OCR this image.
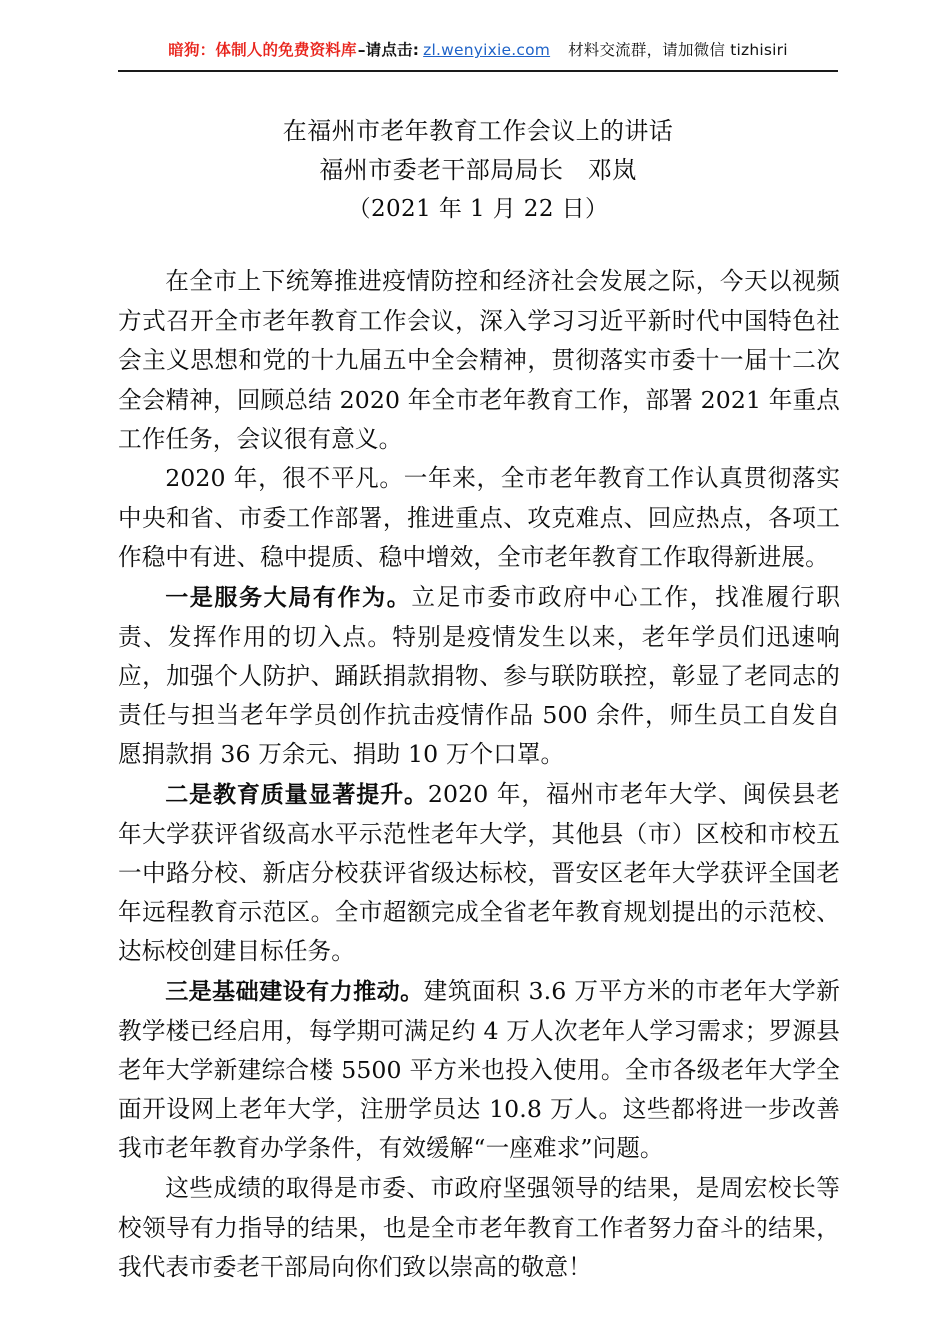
暗狗：体制人的免费资料库 –请点击: zl.wenyixie.com 材料交流群，请加微信 tizhisiri
在福州市老年教育工作会议上的讲话
福州市委老干部局局长　邓岚
（2021 年 1 月 22 日）

在全市上下统筹推进疫情防控和经济社会发展之际，今天以视频方式召开全市老年教育工作会议，深入学习习近平新时代中国特色社会主义思想和党的十九届五中全会精神，贯彻落实市委十一届十二次全会精神，回顾总结 2020 年全市老年教育工作，部署 2021 年重点工作任务，会议很有意义。

2020 年，很不平凡。一年来，全市老年教育工作认真贯彻落实中央和省、市委工作部署，推进重点、攻克难点、回应热点，各项工作稳中有进、稳中提质、稳中增效，全市老年教育工作取得新进展。

一是服务大局有作为。立足市委市政府中心工作，找准履行职责、发挥作用的切入点。特别是疫情发生以来，老年学员们迅速响应，加强个人防护、踊跃捐款捐物、参与联防联控，彰显了老同志的责任与担当老年学员创作抗击疫情作品 500 余件，师生员工自发自愿捐款捐 36 万余元、捐助 10 万个口罩。

二是教育质量显著提升。2020 年，福州市老年大学、闽侯县老年大学获评省级高水平示范性老年大学，其他县（市）区校和市校五一中路分校、新店分校获评省级达标校，晋安区老年大学获评全国老年远程教育示范区。全市超额完成全省老年教育规划提出的示范校、达标校创建目标任务。

三是基础建设有力推动。建筑面积 3.6 万平方米的市老年大学新教学楼已经启用，每学期可满足约 4 万人次老年人学习需求；罗源县老年大学新建综合楼 5500 平方米也投入使用。全市各级老年大学全面开设网上老年大学，注册学员达 10.8 万人。这些都将进一步改善我市老年教育办学条件，有效缓解“一座难求”问题。

这些成绩的取得是市委、市政府坚强领导的结果，是周宏校长等校领导有力指导的结果，也是全市老年教育工作者努力奋斗的结果，我代表市委老干部局向你们致以崇高的敬意！
